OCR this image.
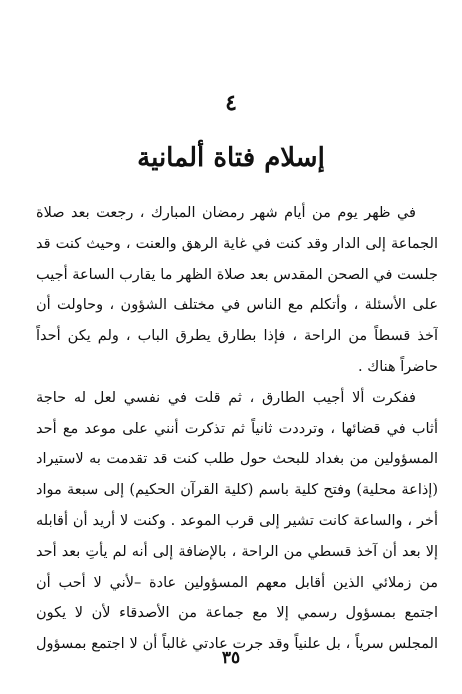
٤
إسلام فتاة ألمانية
في ظهر يوم من أيام شهر رمضان المبارك ، رجعت بعد صلاة
الجماعة إلى الدار وقد كنت في غاية الرهق والعنت ، وحيث كنت قد
جلست في الصحن المقدس بعد صلاة الظهر ما يقارب الساعة أجيب
على الأسئلة ، وأتكلم مع الناس في مختلف الشؤون ، وحاولت أن
آخذ قسطاً من الراحة ، فإذا بطارق يطرق الباب ، ولم يكن أحداً
حاضراً هناك .
ففكرت ألا أجيب الطارق ، ثم قلت في نفسي لعل له حاجة
أثاب في قضائها ، وترددت ثانياً ثم تذكرت أنني على موعد مع أحد
المسؤولين من بغداد للبحث حول طلب كنت قد تقدمت به لاستيراد
(إذاعة محلية) وفتح كلية باسم (كلية القرآن الحكيم) إلى سبعة مواد
أخر ، والساعة كانت تشير إلى قرب الموعد . وكنت لا أريد أن أقابله
إلا بعد أن آخذ قسطي من الراحة ، بالإضافة إلى أنه لم يأتِ بعد أحد
من زملائي الذين أقابل معهم المسؤولين عادة –لأني لا أحب أن
اجتمع بمسؤول رسمي إلا مع جماعة من الأصدقاء لأن لا يكون
المجلس سرياً ، بل علنياً وقد جرت عادتي غالباً أن لا اجتمع بمسؤول
٣٥
